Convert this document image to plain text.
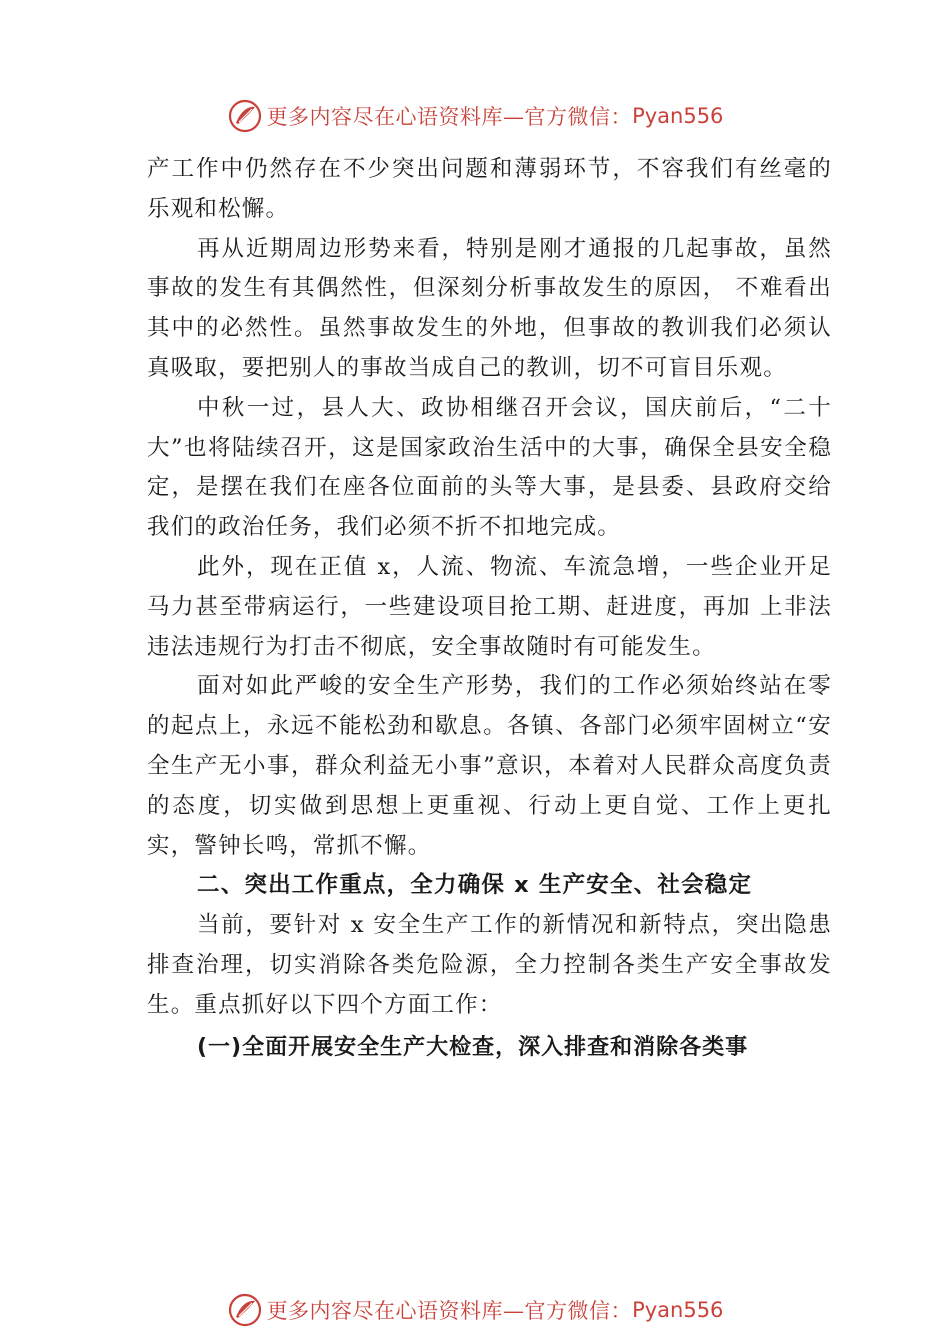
更多内容尽在心语资料库—官方微信： Pyan556

产工作中仍然存在不少突出问题和薄弱环节，不容我们有丝毫的乐观和松懈。

再从近期周边形势来看，特别是刚才通报的几起事故，虽然事故的发生有其偶然性，但深刻分析事故发生的原因， 不难看出其中的必然性。虽然事故发生的外地，但事故的教训我们必须认真吸取，要把别人的事故当成自己的教训，切不可盲目乐观。

中秋一过，县人大、政协相继召开会议，国庆前后，“二十大”也将陆续召开，这是国家政治生活中的大事，确保全县安全稳定，是摆在我们在座各位面前的头等大事，是县委、县政府交给我们的政治任务，我们必须不折不扣地完成。

此外，现在正值 x，人流、物流、车流急增，一些企业开足马力甚至带病运行，一些建设项目抢工期、赶进度，再加 上非法违法违规行为打击不彻底，安全事故随时有可能发生。

面对如此严峻的安全生产形势，我们的工作必须始终站在零的起点上，永远不能松劲和歇息。各镇、各部门必须牢固树立“安全生产无小事，群众利益无小事”意识，本着对人民群众高度负责的态度，切实做到思想上更重视、行动上更自觉、工作上更扎实，警钟长鸣，常抓不懈。

二、突出工作重点，全力确保 x 生产安全、社会稳定

当前，要针对 x 安全生产工作的新情况和新特点，突出隐患排查治理，切实消除各类危险源，全力控制各类生产安全事故发生。重点抓好以下四个方面工作：

(一)全面开展安全生产大检查，深入排查和消除各类事

更多内容尽在心语资料库—官方微信： Pyan556
